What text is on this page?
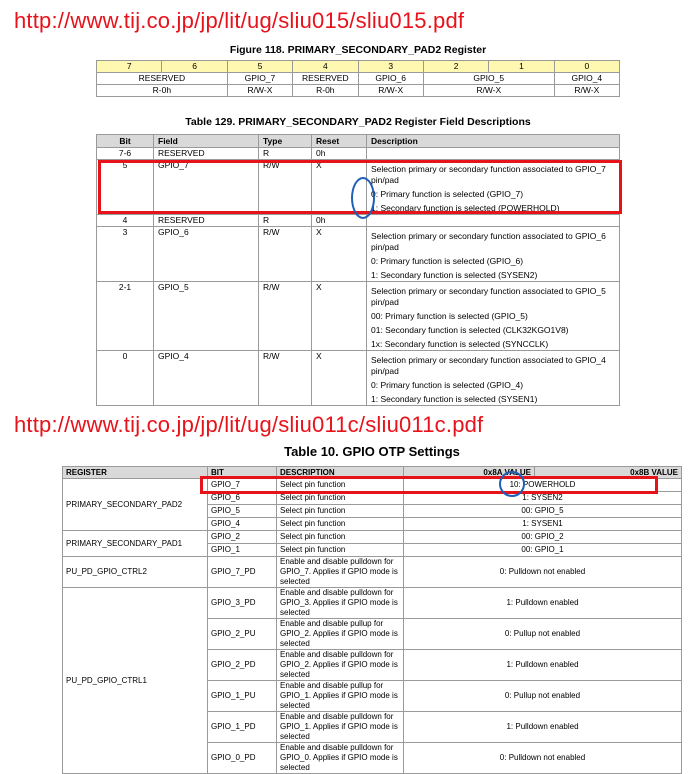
http://www.tij.co.jp/jp/lit/ug/sliu015/sliu015.pdf
Figure 118. PRIMARY_SECONDARY_PAD2 Register
7	6	5	4	3	2	1	0
RESERVED		GPIO_7	RESERVED	GPIO_6	GPIO_5		GPIO_4
R-0h		R/W-X	R-0h	R/W-X	R/W-X		R/W-X
Table 129. PRIMARY_SECONDARY_PAD2 Register Field Descriptions
Bit	Field	Type	Reset	Description
7-6	RESERVED	R	0h	
5	GPIO_7	R/W	X	Selection primary or secondary function associated to GPIO_7 pin/pad
0: Primary function is selected (GPIO_7)
1: Secondary function is selected (POWERHOLD)

4	RESERVED	R	0h	
3	GPIO_6	R/W	X	Selection primary or secondary function associated to GPIO_6 pin/pad
0: Primary function is selected (GPIO_6)
1: Secondary function is selected (SYSEN2)

2-1	GPIO_5	R/W	X	Selection primary or secondary function associated to GPIO_5 pin/pad
00: Primary function is selected (GPIO_5)
01: Secondary function is selected (CLK32KGO1V8)
1x: Secondary function is selected (SYNCCLK)

0	GPIO_4	R/W	X	Selection primary or secondary function associated to GPIO_4 pin/pad
0: Primary function is selected (GPIO_4)
1: Secondary function is selected (SYSEN1)
http://www.tij.co.jp/jp/lit/ug/sliu011c/sliu011c.pdf
Table 10. GPIO OTP Settings
REGISTER	BIT	DESCRIPTION	0x8A VALUE	0x8B VALUE
PRIMARY_SECONDARY_PAD2	GPIO_7	Select pin function	10: POWERHOLD	
	GPIO_6	Select pin function	1: SYSEN2	
	GPIO_5	Select pin function	00: GPIO_5	
	GPIO_4	Select pin function	1: SYSEN1	
PRIMARY_SECONDARY_PAD1	GPIO_2	Select pin function	00: GPIO_2	
	GPIO_1	Select pin function	00: GPIO_1	
PU_PD_GPIO_CTRL2	GPIO_7_PD	Enable and disable pulldown for GPIO_7. Applies if GPIO mode is selected	0: Pulldown not enabled	
PU_PD_GPIO_CTRL1	GPIO_3_PD	Enable and disable pulldown for GPIO_3. Applies if GPIO mode is selected	1: Pulldown enabled	
	GPIO_2_PU	Enable and disable pullup for GPIO_2. Applies if GPIO mode is selected	0: Pullup not enabled	
	GPIO_2_PD	Enable and disable pulldown for GPIO_2. Applies if GPIO mode is selected	1: Pulldown enabled	
	GPIO_1_PU	Enable and disable pullup for GPIO_1. Applies if GPIO mode is selected	0: Pullup not enabled	
	GPIO_1_PD	Enable and disable pulldown for GPIO_1. Applies if GPIO mode is selected	1: Pulldown enabled	
	GPIO_0_PD	Enable and disable pulldown for GPIO_0. Applies if GPIO mode is selected	0: Pulldown not enabled	
